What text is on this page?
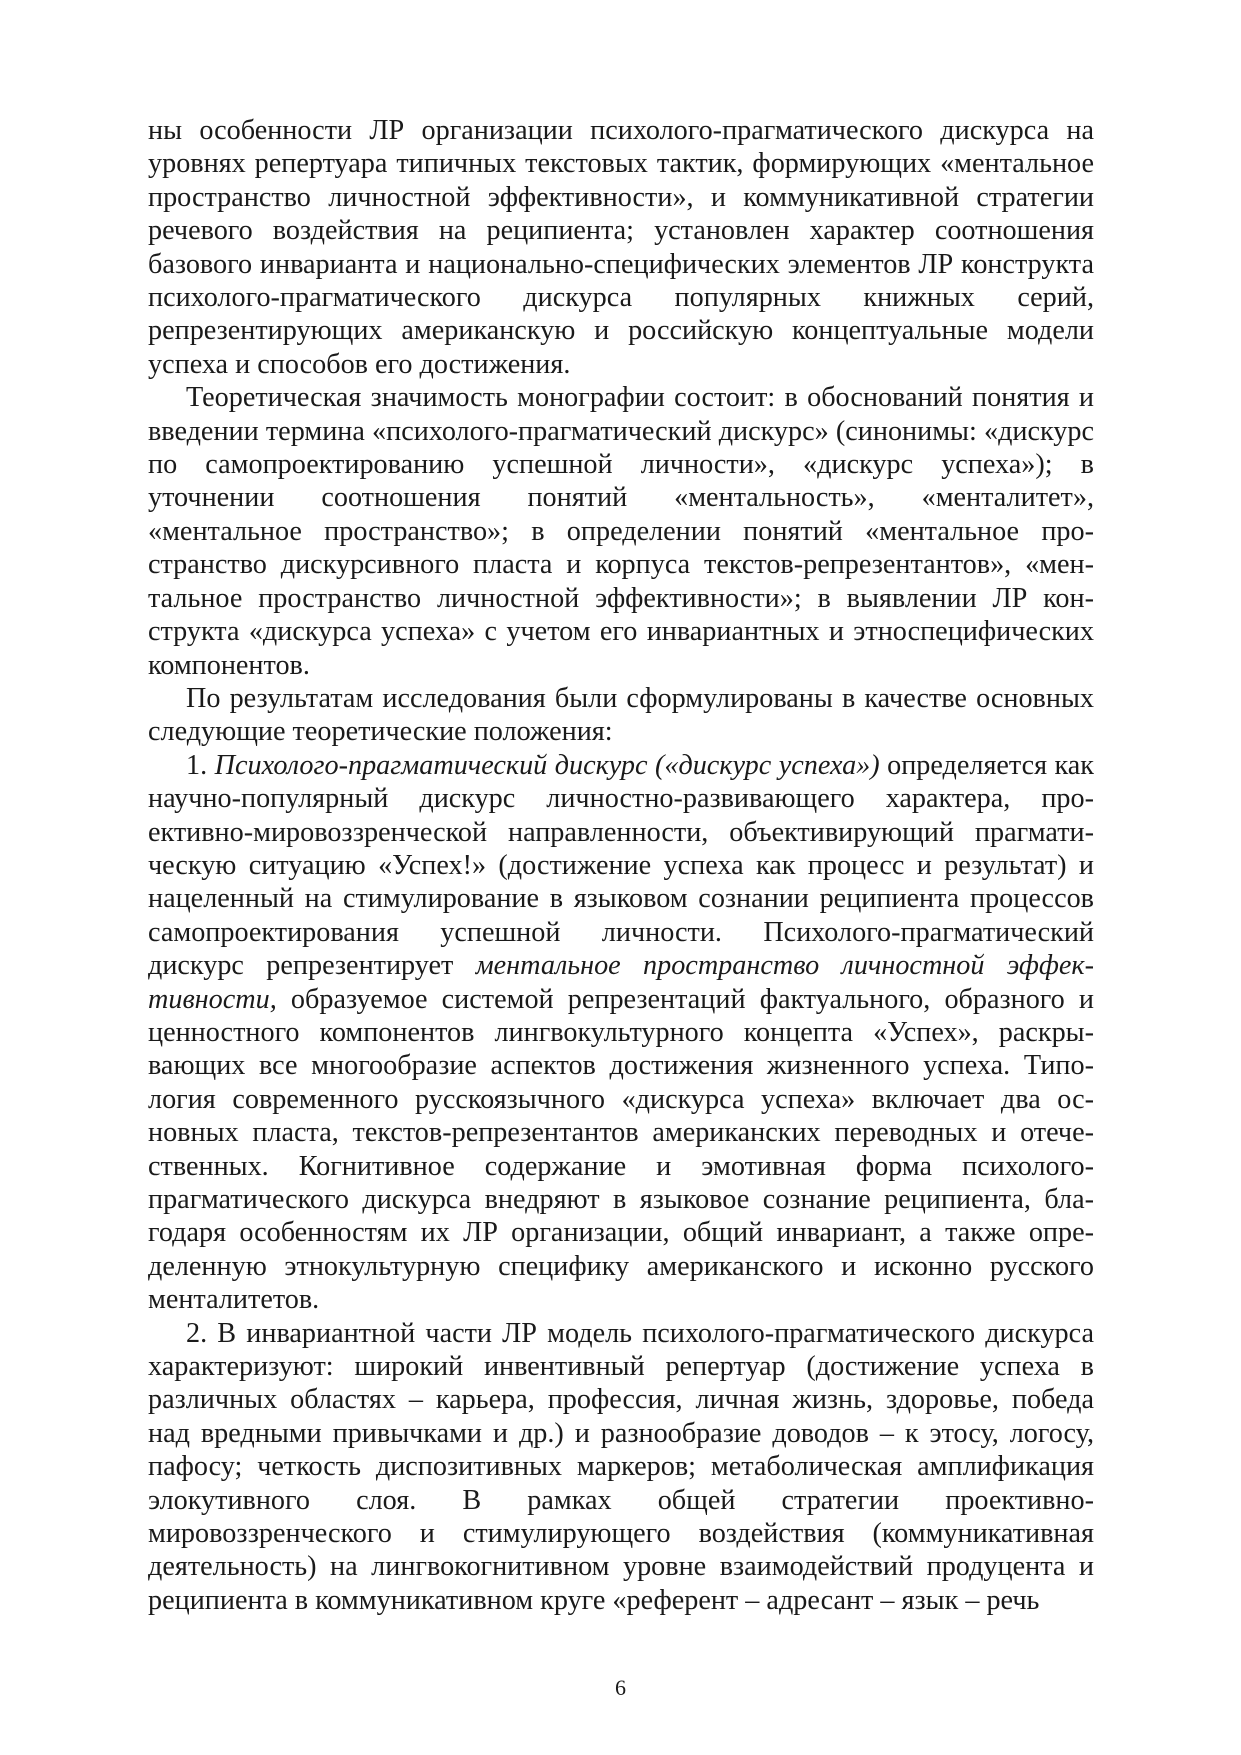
ны особенности ЛР организации психолого-прагматического дискурса на уровнях репертуара типичных текстовых тактик, формирующих «ментальное пространство личностной эффективности», и коммуникативной стратегии речевого воздействия на реципиента; установлен характер соотношения базового инварианта и национально-специфических элементов ЛР конструкта психолого-прагматического дискурса популярных книжных серий, репрезентирующих американскую и российскую концептуальные модели успеха и способов его достижения.

Теоретическая значимость монографии состоит: в обоснований понятия и введении термина «психолого-прагматический дискурс» (синонимы: «дискурс по самопроектированию успешной личности», «дискурс успеха»); в уточнении соотношения понятий «ментальность», «менталитет», «ментальное пространство»; в определении понятий «ментальное пространство дискурсивного пласта и корпуса текстов-репрезентантов», «ментальное пространство личностной эффективности»; в выявлении ЛР конструкта «дискурса успеха» с учетом его инвариантных и этноспецифических компонентов.

По результатам исследования были сформулированы в качестве основных следующие теоретические положения:

1. Психолого-прагматический дискурс («дискурс успеха») определяется как научно-популярный дискурс личностно-развивающего характера, проективно-мировоззренческой направленности, объективирующий прагматическую ситуацию «Успех!» (достижение успеха как процесс и результат) и нацеленный на стимулирование в языковом сознании реципиента процессов самопроектирования успешной личности. Психолого-прагматический дискурс репрезентирует ментальное пространство личностной эффективности, образуемое системой репрезентаций фактуального, образного и ценностного компонентов лингвокультурного концепта «Успех», раскрывающих все многообразие аспектов достижения жизненного успеха. Типология современного русскоязычного «дискурса успеха» включает два основных пласта, текстов-репрезентантов американских переводных и отечественных. Когнитивное содержание и эмотивная форма психолого-прагматического дискурса внедряют в языковое сознание реципиента, благодаря особенностям их ЛР организации, общий инвариант, а также определенную этнокультурную специфику американского и исконно русского менталитетов.

2. В инвариантной части ЛР модель психолого-прагматического дискурса характеризуют: широкий инвентивный репертуар (достижение успеха в различных областях – карьера, профессия, личная жизнь, здоровье, победа над вредными привычками и др.) и разнообразие доводов – к этосу, логосу, пафосу; четкость диспозитивных маркеров; метаболическая амплификация элокутивного слоя. В рамках общей стратегии проективно-мировоззренческого и стимулирующего воздействия (коммуникативная деятельность) на лингвокогнитивном уровне взаимодействий продуцента и реципиента в коммуникативном круге «референт – адресант – язык – речь

6
